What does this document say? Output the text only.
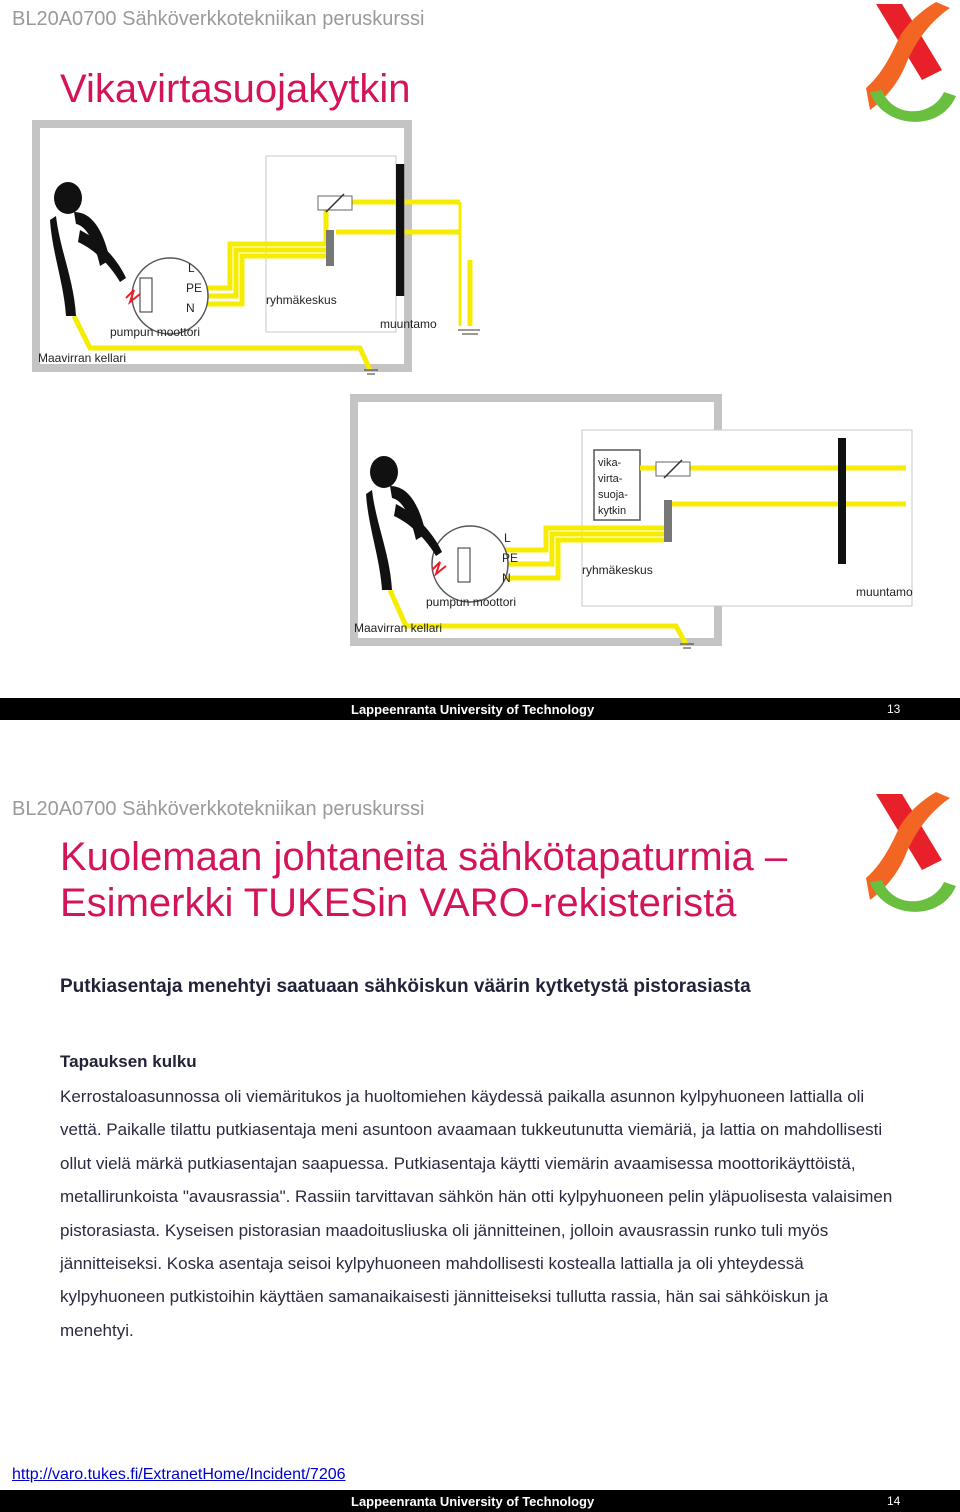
BL20A0700 Sähköverkkotekniikan peruskurssi
Vikavirtasuojakytkin
muuntamo
L
PE
N
pumpun moottori
ryhmäkeskus
Maavirran kellari
vika-
virta-
suoja-
kytkin
muuntamo
L
PE
N
pumpun moottori
ryhmäkeskus
Maavirran kellari
Lappeenranta University of Technology	13
BL20A0700 Sähköverkkotekniikan peruskurssi
Kuolemaan johtaneita sähkötapaturmia –
Esimerkki TUKESin VARO-rekisteristä
Putkiasentaja menehtyi saatuaan sähköiskun väärin kytketystä pistorasiasta
Tapauksen kulku
Kerrostaloasunnossa oli viemäritukos ja huoltomiehen käydessä paikalla asunnon kylpyhuoneen lattialla oli vettä. Paikalle tilattu putkiasentaja meni asuntoon avaamaan tukkeutunutta viemäriä, ja lattia on mahdollisesti ollut vielä märkä putkiasentajan saapuessa. Putkiasentaja käytti viemärin avaamisessa moottorikäyttöistä, metallirunkoista "avausrassia". Rassiin tarvittavan sähkön hän otti kylpyhuoneen pelin yläpuolisesta valaisimen pistorasiasta. Kyseisen pistorasian maadoitusliuska oli jännitteinen, jolloin avausrassin runko tuli myös jännitteiseksi. Koska asentaja seisoi kylpyhuoneen mahdollisesti kostealla lattialla ja oli yhteydessä kylpyhuoneen putkistoihin käyttäen samanaikaisesti jännitteiseksi tullutta rassia, hän sai sähköiskun ja menehtyi.
http://varo.tukes.fi/ExtranetHome/Incident/7206
Lappeenranta University of Technology	14
